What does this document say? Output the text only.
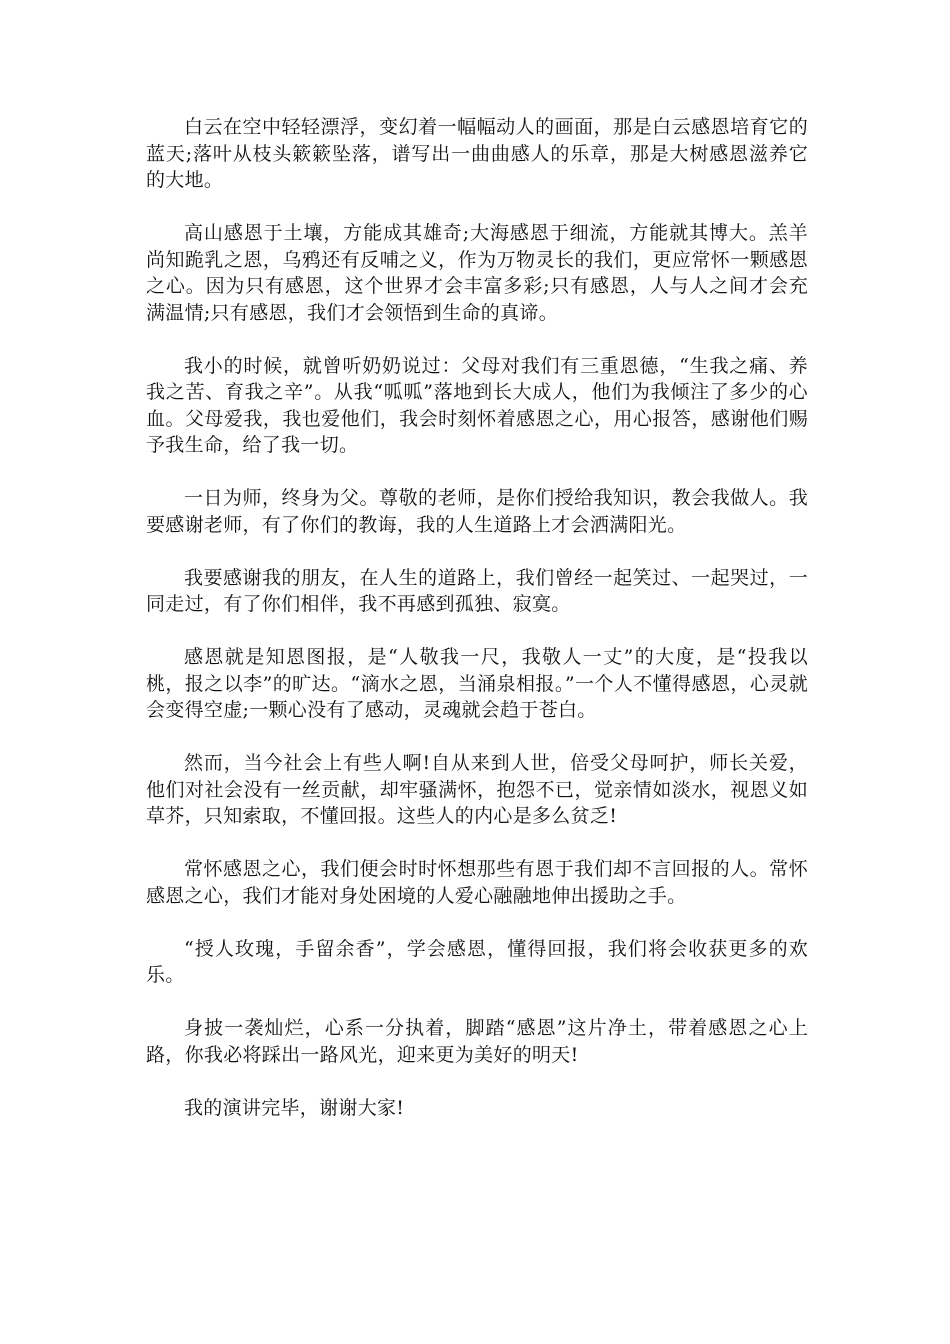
白云在空中轻轻漂浮，变幻着一幅幅动人的画面，那是白云感恩培育它的蓝天;落叶从枝头簌簌坠落，谱写出一曲曲感人的乐章，那是大树感恩滋养它的大地。

高山感恩于土壤，方能成其雄奇;大海感恩于细流，方能就其博大。羔羊尚知跪乳之恩，乌鸦还有反哺之义，作为万物灵长的我们，更应常怀一颗感恩之心。因为只有感恩，这个世界才会丰富多彩;只有感恩，人与人之间才会充满温情;只有感恩，我们才会领悟到生命的真谛。

我小的时候，就曾听奶奶说过：父母对我们有三重恩德，“生我之痛、养我之苦、育我之辛”。从我“呱呱”落地到长大成人，他们为我倾注了多少的心血。父母爱我，我也爱他们，我会时刻怀着感恩之心，用心报答，感谢他们赐予我生命，给了我一切。

一日为师，终身为父。尊敬的老师，是你们授给我知识，教会我做人。我要感谢老师，有了你们的教诲，我的人生道路上才会洒满阳光。

我要感谢我的朋友，在人生的道路上，我们曾经一起笑过、一起哭过，一同走过，有了你们相伴，我不再感到孤独、寂寞。

感恩就是知恩图报，是“人敬我一尺，我敬人一丈”的大度，是“投我以桃，报之以李”的旷达。“滴水之恩，当涌泉相报。”一个人不懂得感恩，心灵就会变得空虚;一颗心没有了感动，灵魂就会趋于苍白。

然而，当今社会上有些人啊!自从来到人世，倍受父母呵护，师长关爱，他们对社会没有一丝贡献，却牢骚满怀，抱怨不已，觉亲情如淡水，视恩义如草芥，只知索取，不懂回报。这些人的内心是多么贫乏!

常怀感恩之心，我们便会时时怀想那些有恩于我们却不言回报的人。常怀感恩之心，我们才能对身处困境的人爱心融融地伸出援助之手。

“授人玫瑰，手留余香”，学会感恩，懂得回报，我们将会收获更多的欢乐。

身披一袭灿烂，心系一分执着，脚踏“感恩”这片净土，带着感恩之心上路，你我必将踩出一路风光，迎来更为美好的明天!

我的演讲完毕，谢谢大家!
